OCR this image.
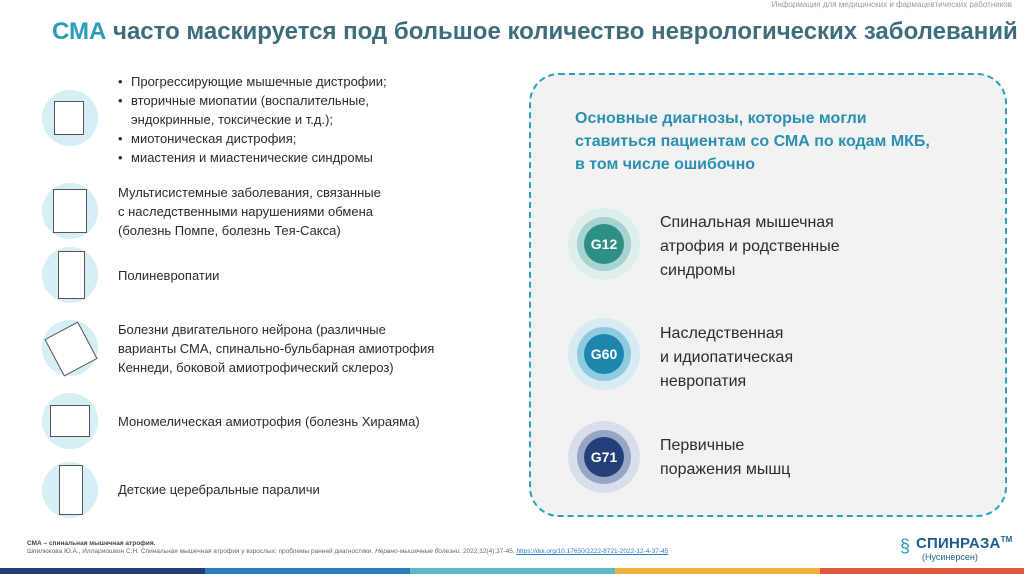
Информация для медицинских и фармацевтических работников
СМА часто маскируется под большое количество неврологических заболеваний
• Прогрессирующие мышечные дистрофии;
• вторичные миопатии (воспалительные,
эндокринные, токсические и т.д.);
• миотоническая дистрофия;
• миастения и миастенические синдромы
Мультисистемные заболевания, связанные
с наследственными нарушениями обмена
(болезнь Помпе, болезнь Тея-Сакса)
Полиневропатии
Болезни двигательного нейрона (различные
варианты СМА, спинально-бульбарная амиотрофия
Кеннеди, боковой амиотрофический склероз)
Мономелическая амиотрофия (болезнь Хираяма)
Детские церебральные параличи
Основные диагнозы, которые могли
ставиться пациентам со СМА по кодам МКБ,
в том числе ошибочно
G12
Спинальная мышечная
атрофия и родственные
синдромы
G60
Наследственная
и идиопатическая
невропатия
G71
Первичные
поражения мышц
СМА – спинальная мышечная атрофия.
Шпилюкова Ю.А., Иллариошкин С.Н. Спинальная мышечная атрофия у взрослых: проблемы ранней диагностики. Нервно-мышечные болезни. 2022;12(4):37-45. https://doi.org/10.17650/2222-8721-2022-12-4-37-45	§ СПИНРАЗА™
(Нусинерсен)
